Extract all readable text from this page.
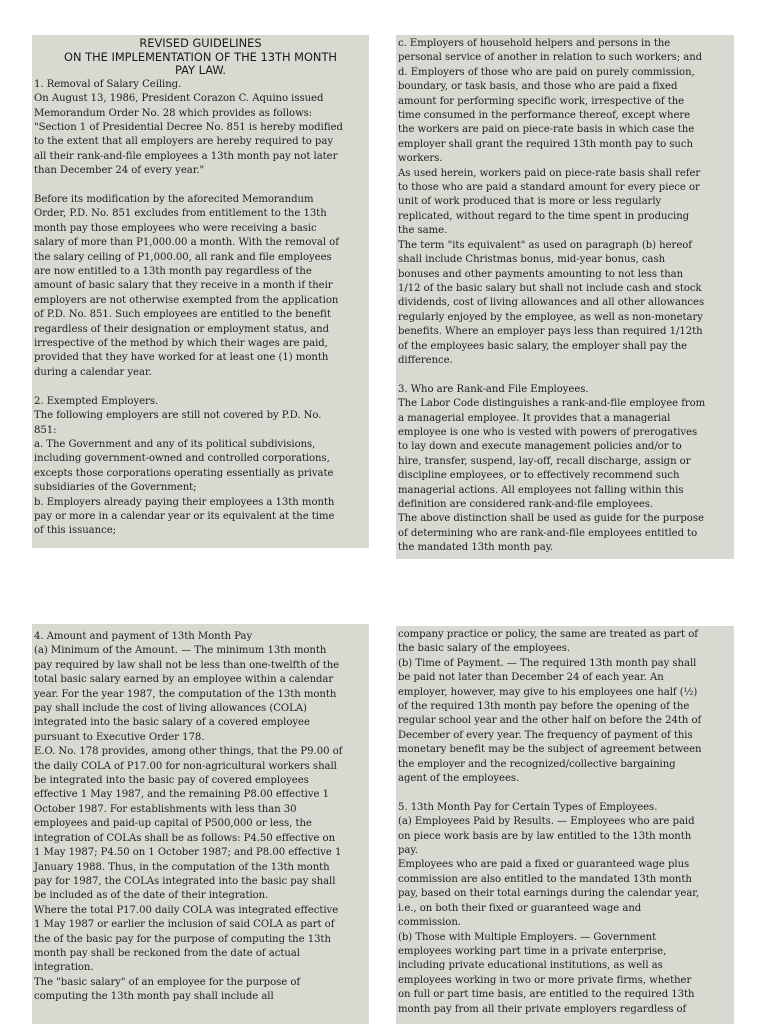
REVISED GUIDELINES
ON THE IMPLEMENTATION OF THE 13TH MONTH
PAY LAW.

1. Removal of Salary Ceiling.

On August 13, 1986, President Corazon C. Aquino issued
Memorandum Order No. 28 which provides as follows:
"Section 1 of Presidential Decree No. 851 is hereby modified
to the extent that all employers are hereby required to pay
all their rank-and-file employees a 13th month pay not later
than December 24 of every year."

Before its modification by the aforecited Memorandum
Order, P.D. No. 851 excludes from entitlement to the 13th
month pay those employees who were receiving a basic
salary of more than P1,000.00 a month. With the removal of
the salary ceiling of P1,000.00, all rank and file employees
are now entitled to a 13th month pay regardless of the
amount of basic salary that they receive in a month if their
employers are not otherwise exempted from the application
of P.D. No. 851. Such employees are entitled to the benefit
regardless of their designation or employment status, and
irrespective of the method by which their wages are paid,
provided that they have worked for at least one (1) month
during a calendar year.

2. Exempted Employers.

The following employers are still not covered by P.D. No.
851:
a. The Government and any of its political subdivisions,
including government-owned and controlled corporations,
excepts those corporations operating essentially as private
subsidiaries of the Government;
b. Employers already paying their employees a 13th month
pay or more in a calendar year or its equivalent at the time
of this issuance;

c. Employers of household helpers and persons in the
personal service of another in relation to such workers; and
d. Employers of those who are paid on purely commission,
boundary, or task basis, and those who are paid a fixed
amount for performing specific work, irrespective of the
time consumed in the performance thereof, except where
the workers are paid on piece-rate basis in which case the
employer shall grant the required 13th month pay to such
workers.
As used herein, workers paid on piece-rate basis shall refer
to those who are paid a standard amount for every piece or
unit of work produced that is more or less regularly
replicated, without regard to the time spent in producing
the same.
The term "its equivalent" as used on paragraph (b) hereof
shall include Christmas bonus, mid-year bonus, cash
bonuses and other payments amounting to not less than
1/12 of the basic salary but shall not include cash and stock
dividends, cost of living allowances and all other allowances
regularly enjoyed by the employee, as well as non-monetary
benefits. Where an employer pays less than required 1/12th
of the employees basic salary, the employer shall pay the
difference.

3. Who are Rank-and File Employees.

The Labor Code distinguishes a rank-and-file employee from
a managerial employee. It provides that a managerial
employee is one who is vested with powers of prerogatives
to lay down and execute management policies and/or to
hire, transfer, suspend, lay-off, recall discharge, assign or
discipline employees, or to effectively recommend such
managerial actions. All employees not falling within this
definition are considered rank-and-file employees.
The above distinction shall be used as guide for the purpose
of determining who are rank-and-file employees entitled to
the mandated 13th month pay.

4. Amount and payment of 13th Month Pay

(a) Minimum of the Amount. — The minimum 13th month
pay required by law shall not be less than one-twelfth of the
total basic salary earned by an employee within a calendar
year. For the year 1987, the computation of the 13th month
pay shall include the cost of living allowances (COLA)
integrated into the basic salary of a covered employee
pursuant to Executive Order 178.
E.O. No. 178 provides, among other things, that the P9.00 of
the daily COLA of P17.00 for non-agricultural workers shall
be integrated into the basic pay of covered employees
effective 1 May 1987, and the remaining P8.00 effective 1
October 1987. For establishments with less than 30
employees and paid-up capital of P500,000 or less, the
integration of COLAs shall be as follows: P4.50 effective on
1 May 1987; P4.50 on 1 October 1987; and P8.00 effective 1
January 1988. Thus, in the computation of the 13th month
pay for 1987, the COLAs integrated into the basic pay shall
be included as of the date of their integration.
Where the total P17.00 daily COLA was integrated effective
1 May 1987 or earlier the inclusion of said COLA as part of
the of the basic pay for the purpose of computing the 13th
month pay shall be reckoned from the date of actual
integration.
The "basic salary" of an employee for the purpose of
computing the 13th month pay shall include all

company practice or policy, the same are treated as part of
the basic salary of the employees.
(b) Time of Payment. — The required 13th month pay shall
be paid not later than December 24 of each year. An
employer, however, may give to his employees one half (½)
of the required 13th month pay before the opening of the
regular school year and the other half on before the 24th of
December of every year. The frequency of payment of this
monetary benefit may be the subject of agreement between
the employer and the recognized/collective bargaining
agent of the employees.

5. 13th Month Pay for Certain Types of Employees.

(a) Employees Paid by Results. — Employees who are paid
on piece work basis are by law entitled to the 13th month
pay.
Employees who are paid a fixed or guaranteed wage plus
commission are also entitled to the mandated 13th month
pay, based on their total earnings during the calendar year,
i.e., on both their fixed or guaranteed wage and
commission.
(b) Those with Multiple Employers. — Government
employees working part time in a private enterprise,
including private educational institutions, as well as
employees working in two or more private firms, whether
on full or part time basis, are entitled to the required 13th
month pay from all their private employers regardless of
